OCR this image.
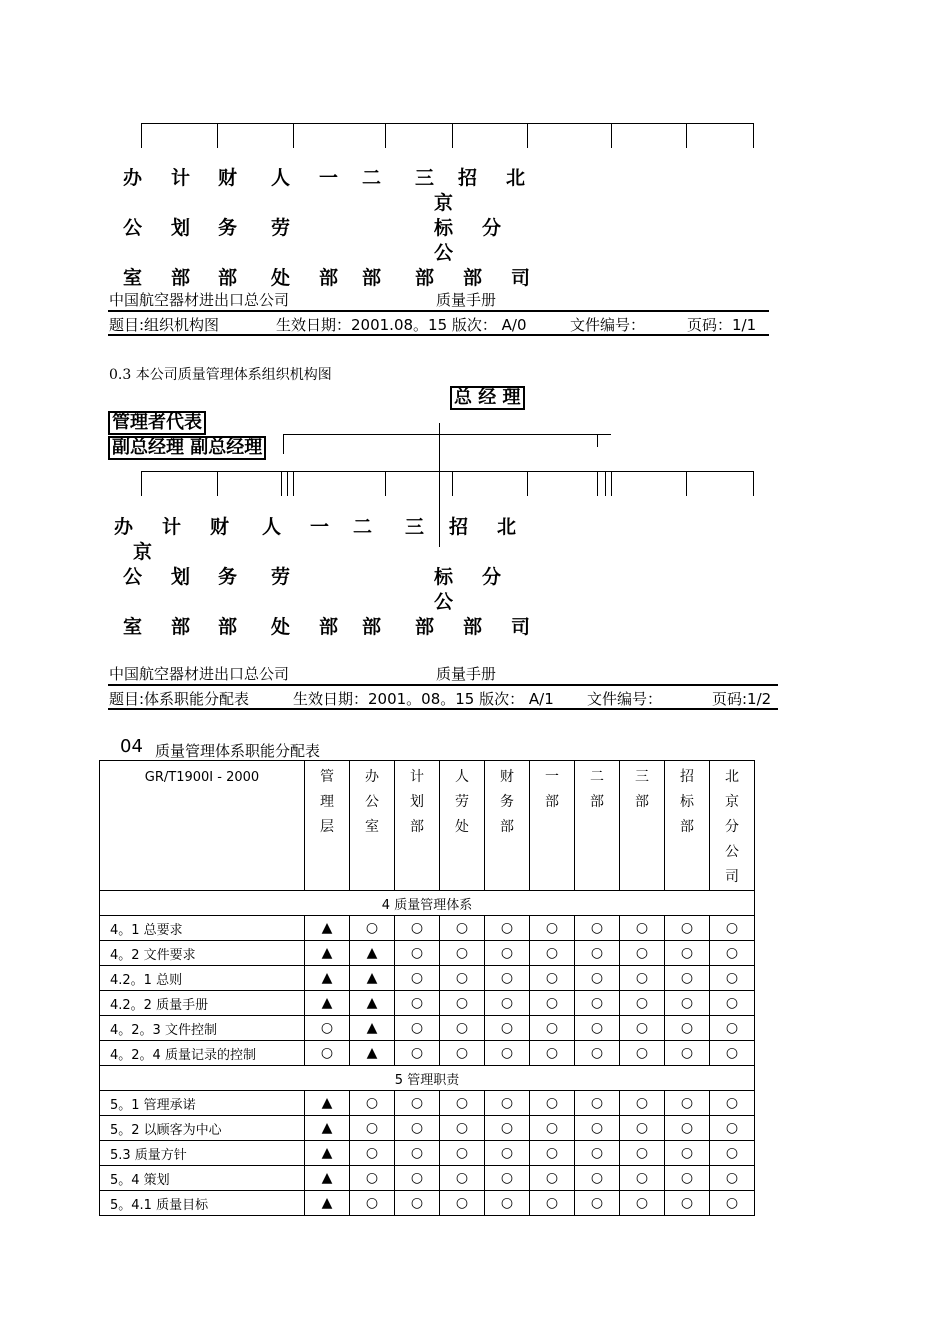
办
公
室
计
划
部
财
务
部
人
劳
处
一
部
二
部
三
部
招
标
部
北
京
分
公
司
中国航空器材进出口总公司	质量手册
题目:组织机构图	生效日期：2001.08。15 版次： A/0	文件编号：	页码：1/1
0.3 本公司质量管理体系组织机构图
总 经 理
管理者代表
副总经理 副总经理
办 计 财 人 一 二 三 招 北
京
公 划 务 劳	标 分
公
室 部 部 处 部 部 部 部 司
中国航空器材进出口总公司	质量手册
题目:体系职能分配表	生效日期：2001。08。15 版次： A/1 文件编号：	页码:1/2
04 质量管理体系职能分配表
GR/T1900I - 2000	管理层	办公室	计划部	人劳处	财务部	一部	二部	三部	招标部	北京分公司

4 质量管理体系										
4。1 总要求	▲	○	○	○	○	○	○	○	○	○
4。2 文件要求	▲	▲	○	○	○	○	○	○	○	○
4.2。1 总则	▲	▲	○	○	○	○	○	○	○	○
4.2。2 质量手册	▲	▲	○	○	○	○	○	○	○	○
4。2。3 文件控制	○	▲	○	○	○	○	○	○	○	○
4。2。4 质量记录的控制	○	▲	○	○	○	○	○	○	○	○
5 管理职责										
5。1 管理承诺	▲	○	○	○	○	○	○	○	○	○
5。2 以顾客为中心	▲	○	○	○	○	○	○	○	○	○
5.3 质量方针	▲	○	○	○	○	○	○	○	○	○
5。4 策划	▲	○	○	○	○	○	○	○	○	○
5。4.1 质量目标	▲	○	○	○	○	○	○	○	○	○
